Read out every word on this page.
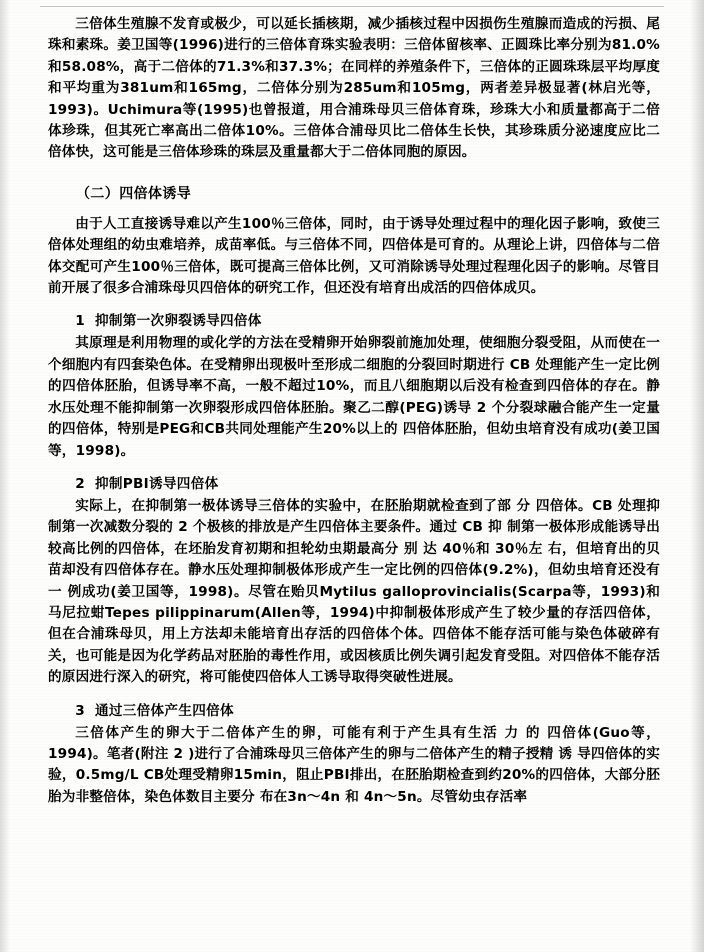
三倍体生殖腺不发育或极少，可以延长插核期，减少插核过程中因损伤生殖腺而造成的污损、尾珠和素珠。姜卫国等(1996)进行的三倍体育珠实验表明：三倍体留核率、正圆珠比率分别为81.0%和58.08%，高于二倍体的71.3%和37.3%；在同样的养殖条件下，三倍体的正圆珠珠层平均厚度和平均重为381um和165mg，二倍体分别为285um和105mg，两者差异极显著(林启光等，1993)。Uchimura等(1995)也曾报道，用合浦珠母贝三倍体育珠，珍珠大小和质量都高于二倍体珍珠，但其死亡率高出二倍体10%。三倍体合浦母贝比二倍体生长快，其珍珠质分泌速度应比二倍体快，这可能是三倍体珍珠的珠层及重量都大于二倍体同胞的原因。

（二）四倍体诱导

由于人工直接诱导难以产生100％三倍体，同时，由于诱导处理过程中的理化因子影响，致使三倍体处理组的幼虫难培养，成苗率低。与三倍体不同，四倍体是可育的。从理论上讲，四倍体与二倍体交配可产生100％三倍体，既可提高三倍体比例，又可消除诱导处理过程理化因子的影响。尽管目前开展了很多合浦珠母贝四倍体的研究工作，但还没有培育出成活的四倍体成贝。

1 抑制第一次卵裂诱导四倍体

其原理是利用物理的或化学的方法在受精卵开始卵裂前施加处理，使细胞分裂受阻，从而使在一个细胞内有四套染色体。在受精卵出现极叶至形成二细胞的分裂回时期进行 CB 处理能产生一定比例的四倍体胚胎，但诱导率不高，一般不超过10%，而且八细胞期以后没有检查到四倍体的存在。静水压处理不能抑制第一次卵裂形成四倍体胚胎。聚乙二醇(PEG)诱导 2 个分裂球融合能产生一定量的四倍体，特别是PEG和CB共同处理能产生20%以上的 四倍体胚胎，但幼虫培育没有成功(姜卫国等，1998)。

2 抑制PBI诱导四倍体

实际上，在抑制第一极体诱导三倍体的实验中，在胚胎期就检查到了部 分 四倍体。CB 处理抑制第一次减数分裂的 2 个极核的排放是产生四倍体主要条件。通过 CB 抑 制第一极体形成能诱导出较高比例的四倍体，在坯胎发育初期和担轮幼虫期最高分 别 达 40％和 30％左 右，但培育出的贝苗却没有四倍体存在。静水压处理抑制极体形成产生一定比例的四倍体(9.2%)，但幼虫培育还没有 一 例成功(姜卫国等，1998)。尽管在贻贝Mytilus galloprovincialis(Scarpa等，1993)和马尼拉蚶Tepes pilippinarum(Allen等，1994)中抑制极体形成产生了较少量的存活四倍体，但在合浦珠母贝，用上方法却未能培育出存活的四倍体个体。四倍体不能存活可能与染色体破碎有关，也可能是因为化学药品对胚胎的毒性作用，或因核质比例失调引起发育受阻。对四倍体不能存活的原因进行深入的研究，将可能使四倍体人工诱导取得突破性进展。

3 通过三倍体产生四倍体

三倍体产生的卵大于二倍体产生的卵，可能有利于产生具有生活 力 的 四倍体(Guo等，1994)。笔者(附注 2 )进行了合浦珠母贝三倍体产生的卵与二倍体产生的精子授精 诱 导四倍体的实验，0.5mg/L CB处理受精卵15min，阻止PBI排出，在胚胎期检查到约20%的四倍体，大部分胚胎为非整倍体，染色体数目主要分 布在3n～4n 和 4n～5n。尽管幼虫存活率
